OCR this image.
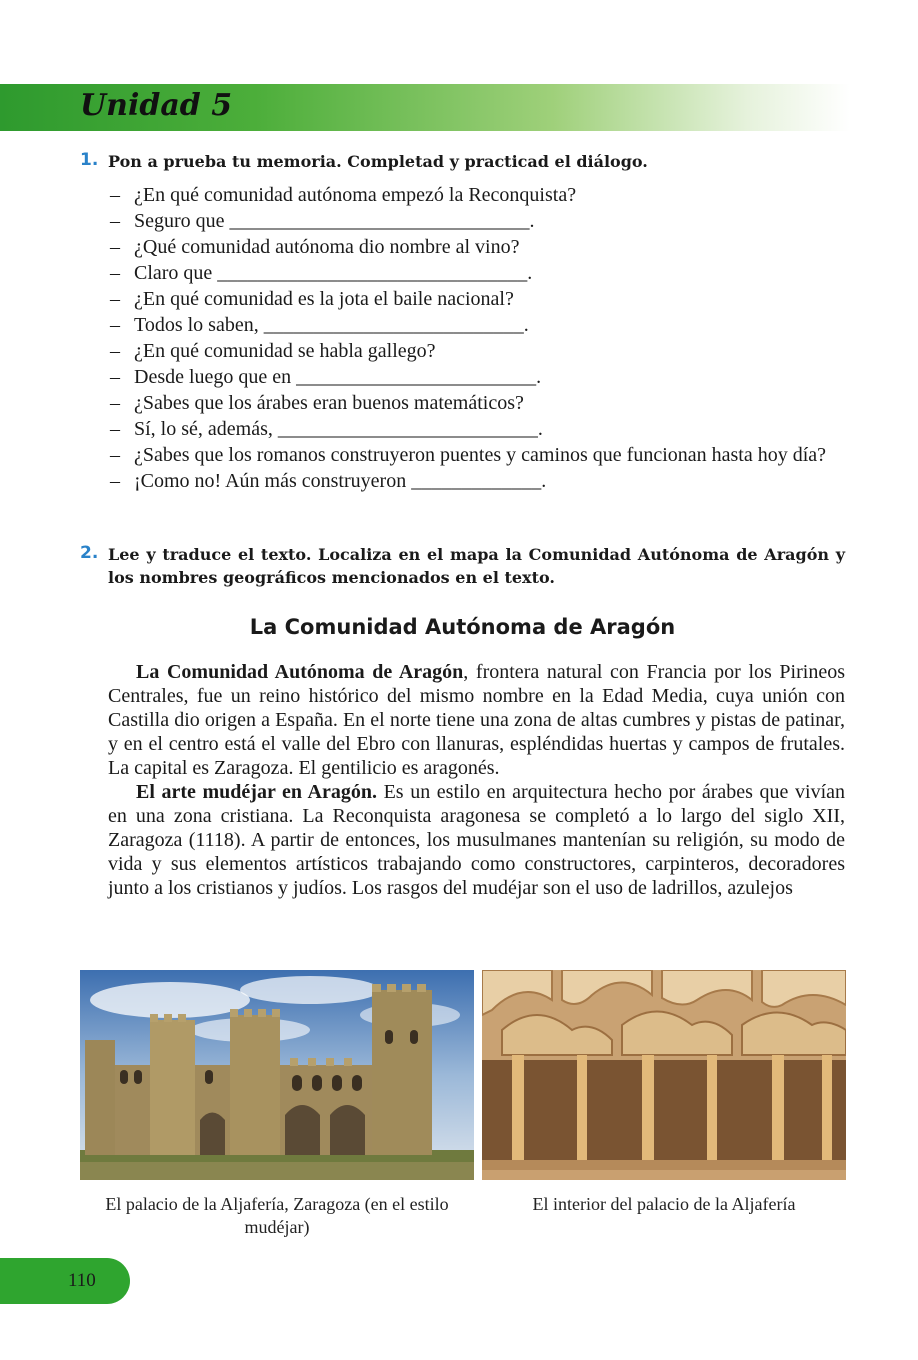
Unidad 5
1. Pon a prueba tu memoria. Completad y practicad el diálogo.
– ¿En qué comunidad autónoma empezó la Reconquista?
– Seguro que ______________________________.
– ¿Qué comunidad autónoma dio nombre al vino?
– Claro que _______________________________.
– ¿En qué comunidad es la jota el baile nacional?
– Todos lo saben, __________________________.
– ¿En qué comunidad se habla gallego?
– Desde luego que en ________________________.
– ¿Sabes que los árabes eran buenos matemáticos?
– Sí, lo sé, además, __________________________.
– ¿Sabes que los romanos construyeron puentes y caminos que funcionan hasta hoy día?
– ¡Como no! Aún más construyeron _____________.
2. Lee y traduce el texto. Localiza en el mapa la Comunidad Autónoma de Aragón y los nombres geográficos mencionados en el texto.
La Comunidad Autónoma de Aragón

La Comunidad Autónoma de Aragón, frontera natural con Francia por los Pirineos Centrales, fue un reino histórico del mismo nombre en la Edad Media, cuya unión con Castilla dio origen a España. En el norte tiene una zona de altas cumbres y pistas de patinar, y en el centro está el valle del Ebro con llanuras, espléndidas huertas y campos de frutales. La capital es Zaragoza. El gentilicio es aragonés.

El arte mudéjar en Aragón. Es un estilo en arquitectura hecho por árabes que vivían en una zona cristiana. La Reconquista aragonesa se completó a lo largo del siglo XII, Zaragoza (1118). A partir de entonces, los musulmanes mantenían su religión, su modo de vida y sus elementos artísticos trabajando como constructores, carpinteros, decoradores junto a los cristianos y judíos. Los rasgos del mudéjar son el uso de ladrillos, azulejos

El palacio de la Aljafería, Zaragoza (en el estilo mudéjar)
El interior del palacio de la Aljafería
110
